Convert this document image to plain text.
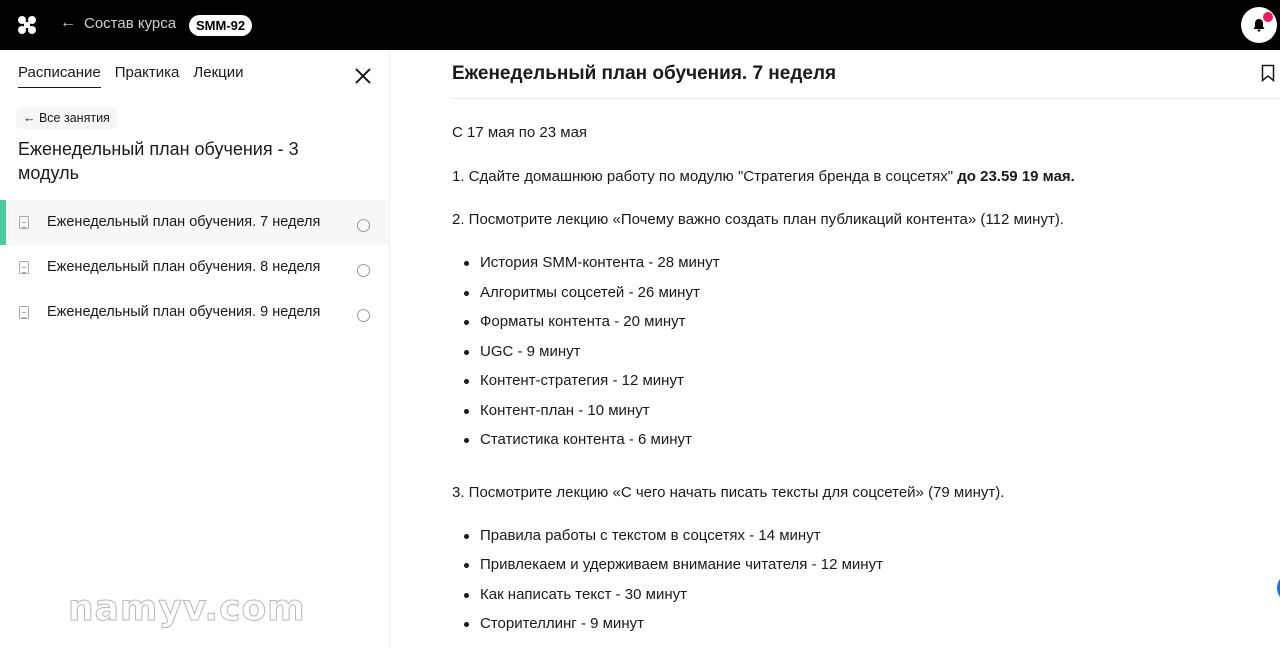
← Состав курса	SMM-92
Расписание Практика Лекции
← Все занятия
Еженедельный план обучения - 3 модуль
Еженедельный план обучения. 7 неделя
Еженедельный план обучения. 8 неделя
Еженедельный план обучения. 9 неделя
namyv.com
Еженедельный план обучения. 7 неделя

С 17 мая по 23 мая

1. Сдайте домашнюю работу по модулю "Стратегия бренда в соцсетях" до 23.59 19 мая.

2. Посмотрите лекцию «Почему важно создать план публикаций контента» (112 минут).

История SMM-контента - 28 минут
Алгоритмы соцсетей - 26 минут
Форматы контента - 20 минут
UGC - 9 минут
Контент-стратегия - 12 минут
Контент-план - 10 минут
Статистика контента - 6 минут

3. Посмотрите лекцию «С чего начать писать тексты для соцсетей» (79 минут).

Правила работы с текстом в соцсетях - 14 минут
Привлекаем и удерживаем внимание читателя - 12 минут
Как написать текст - 30 минут
Сторителлинг - 9 минут
